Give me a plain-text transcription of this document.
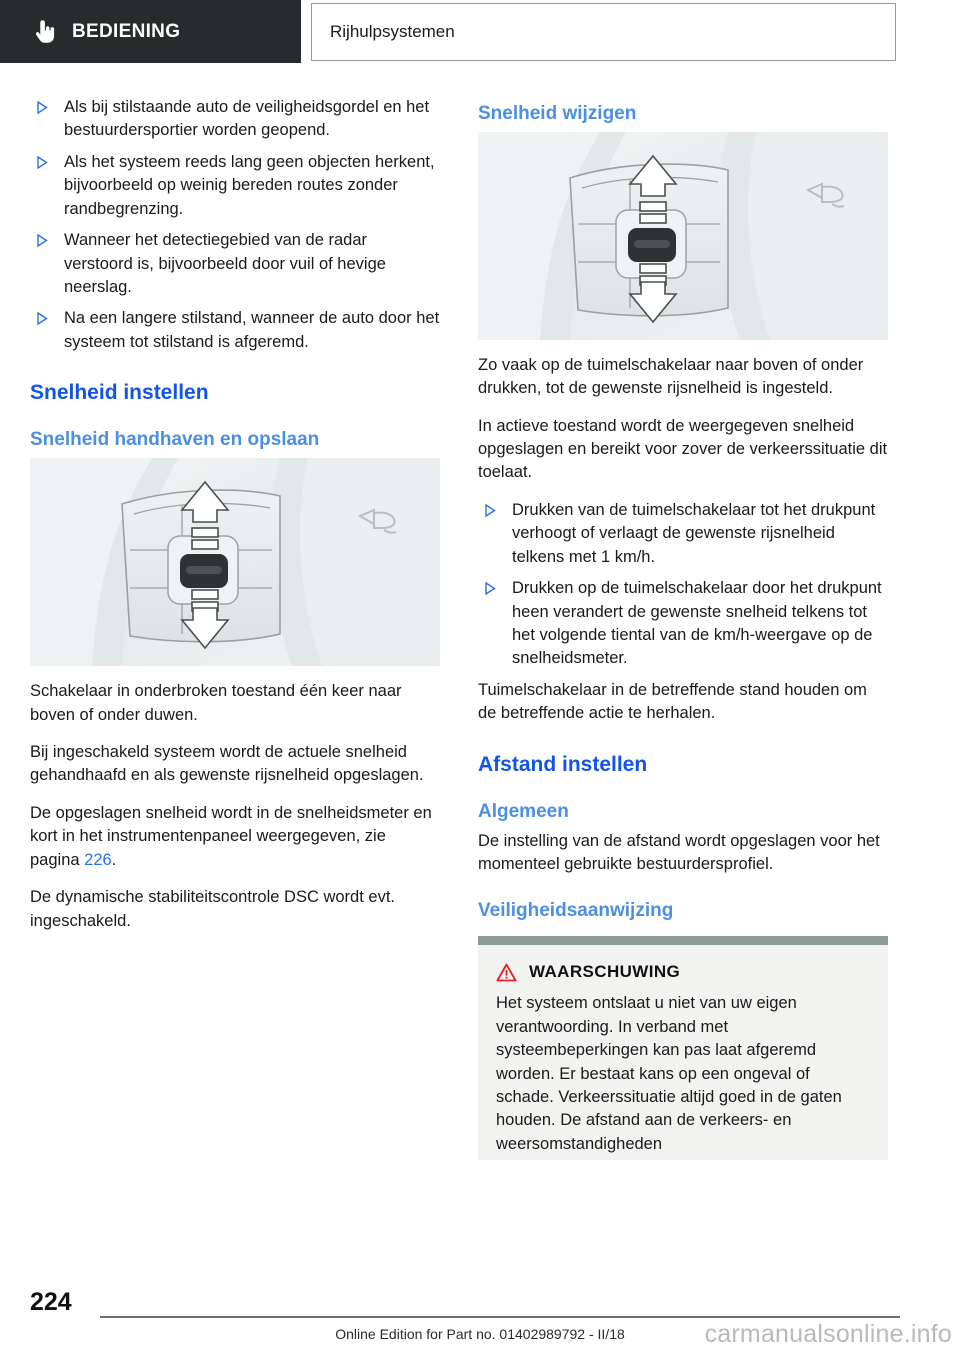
BEDIENING	Rijhulpsystemen
Als bij stilstaande auto de veiligheidsgordel en het bestuurdersportier worden geopend.
Als het systeem reeds lang geen objecten herkent, bijvoorbeeld op weinig bereden routes zonder randbegrenzing.
Wanneer het detectiegebied van de radar verstoord is, bijvoorbeeld door vuil of hevige neerslag.
Na een langere stilstand, wanneer de auto door het systeem tot stilstand is afgeremd.
Snelheid instellen
Snelheid handhaven en opslaan

Schakelaar in onderbroken toestand één keer naar boven of onder duwen.

Bij ingeschakeld systeem wordt de actuele snelheid gehandhaafd en als gewenste rijsnelheid opgeslagen.

De opgeslagen snelheid wordt in de snelheidsmeter en kort in het instrumentenpaneel weergegeven, zie pagina 226.

De dynamische stabiliteitscontrole DSC wordt evt. ingeschakeld.

Snelheid wijzigen

Zo vaak op de tuimelschakelaar naar boven of onder drukken, tot de gewenste rijsnelheid is ingesteld.

In actieve toestand wordt de weergegeven snelheid opgeslagen en bereikt voor zover de verkeerssituatie dit toelaat.

Drukken van de tuimelschakelaar tot het drukpunt verhoogt of verlaagt de gewenste rijsnelheid telkens met 1 km/h.
Drukken op de tuimelschakelaar door het drukpunt heen verandert de gewenste snelheid telkens tot het volgende tiental van de km/h-weergave op de snelheidsmeter.

Tuimelschakelaar in de betreffende stand houden om de betreffende actie te herhalen.

Afstand instellen
Algemeen

De instelling van de afstand wordt opgeslagen voor het momenteel gebruikte bestuurdersprofiel.

Veiligheidsaanwijzing
WAARSCHUWING

Het systeem ontslaat u niet van uw eigen verantwoording. In verband met systeembeperkingen kan pas laat afgeremd worden. Er bestaat kans op een ongeval of schade. Verkeerssituatie altijd goed in de gaten houden. De afstand aan de verkeers- en weersomstandigheden

224
Online Edition for Part no. 01402989792 - II/18	carmanualsonline.info
